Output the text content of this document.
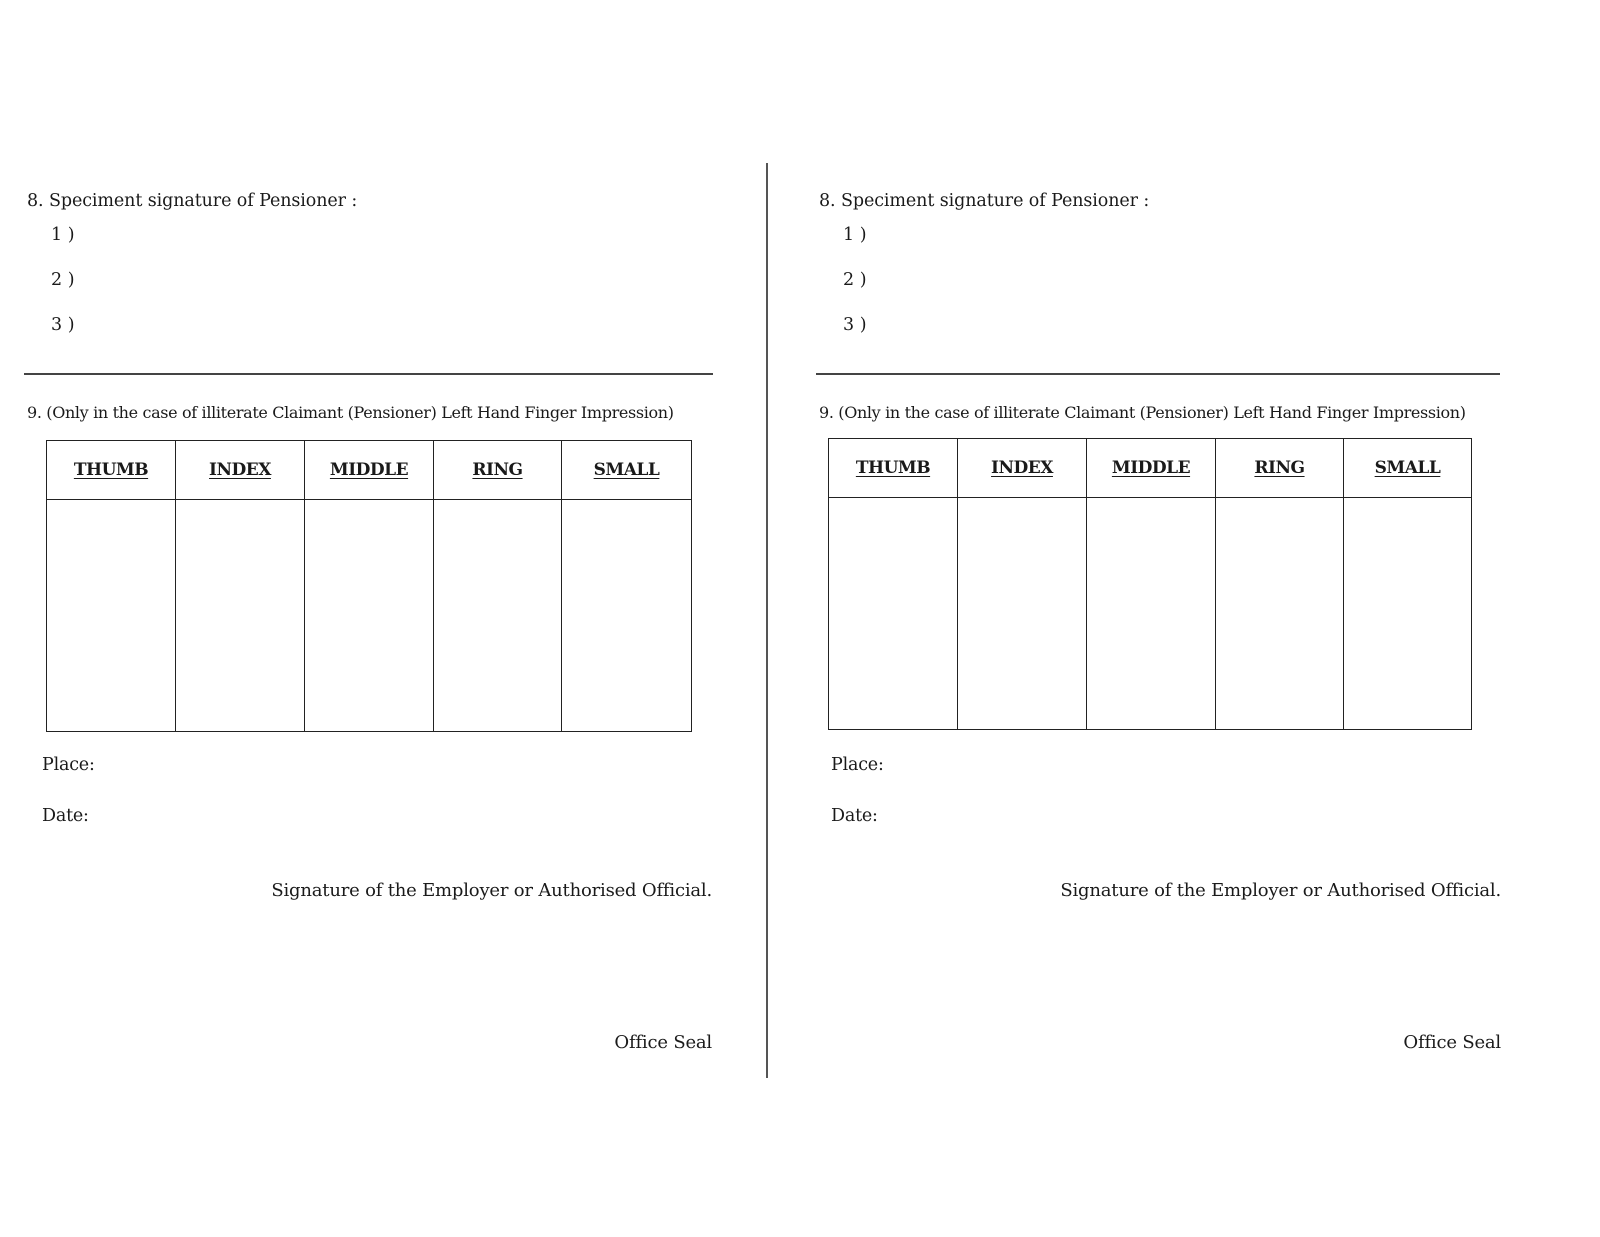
8. Speciment signature of Pensioner :
1 )
2 )
3 )
9. (Only in the case of illiterate Claimant (Pensioner) Left Hand Finger Impression)
THUMB	INDEX	MIDDLE	RING	SMALL

Place:
Date:
Signature of the Employer or Authorised Official.
Office Seal
8. Speciment signature of Pensioner :
1 )
2 )
3 )
9. (Only in the case of illiterate Claimant (Pensioner) Left Hand Finger Impression)
THUMB	INDEX	MIDDLE	RING	SMALL

Place:
Date:
Signature of the Employer or Authorised Official.
Office Seal
